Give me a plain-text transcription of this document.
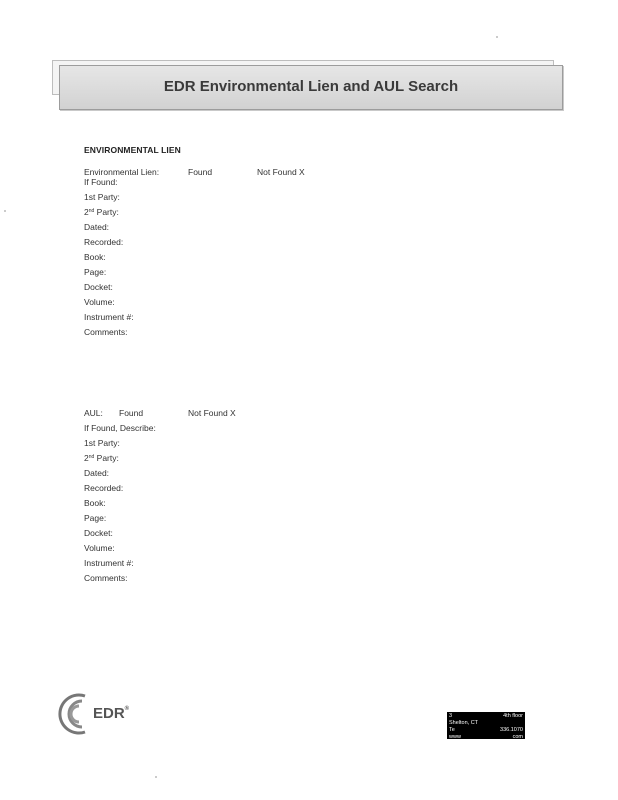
EDR Environmental Lien and AUL Search
ENVIRONMENTAL LIEN
Environmental Lien:	Found	Not Found X
If Found:
1st Party:
2nd Party:
Dated:
Recorded:
Book:
Page:
Docket:
Volume:
Instrument #:
Comments:
AUL: Found	Not Found X
If Found, Describe:
1st Party:
2nd Party:
Dated:
Recorded:
Book:
Page:
Docket:
Volume:
Instrument #:
Comments:
EDR®
3	4th floor
Shelton, CT
Te	336.1070
www	com
